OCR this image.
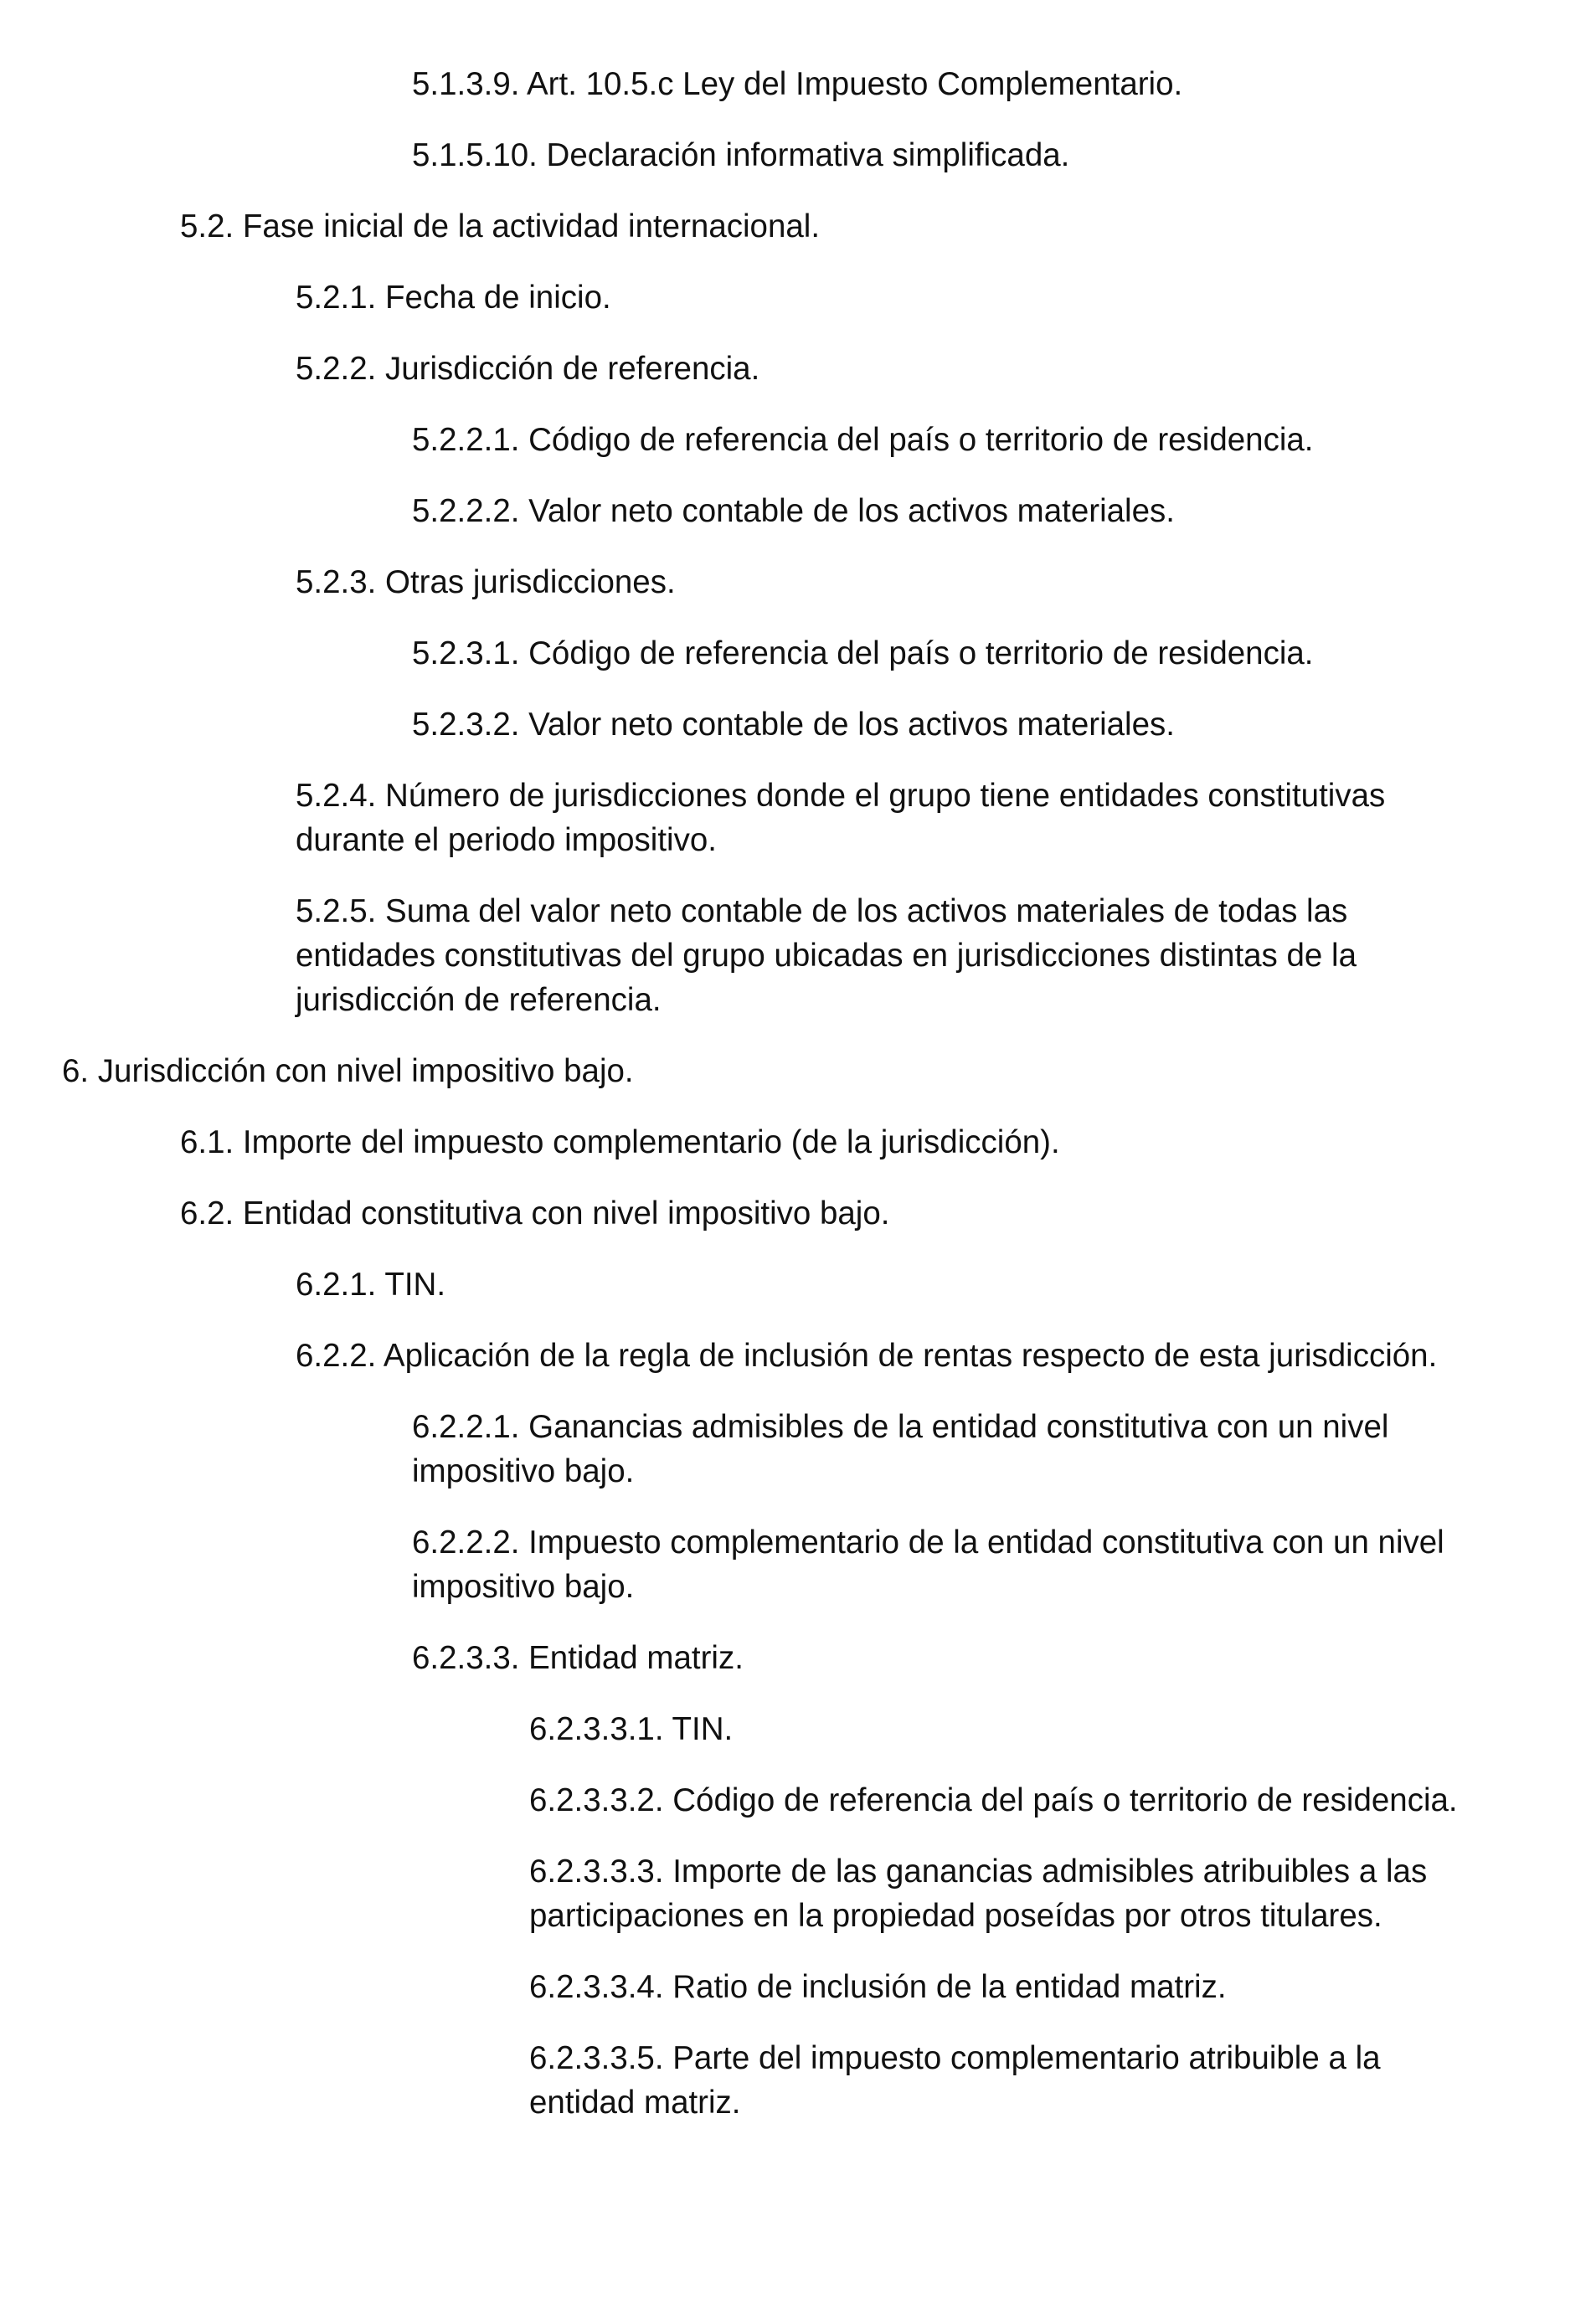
5.1.3.9. Art. 10.5.c Ley del Impuesto Complementario.

5.1.5.10. Declaración informativa simplificada.

5.2. Fase inicial de la actividad internacional.

5.2.1. Fecha de inicio.

5.2.2. Jurisdicción de referencia.

5.2.2.1. Código de referencia del país o territorio de residencia.

5.2.2.2. Valor neto contable de los activos materiales.

5.2.3. Otras jurisdicciones.

5.2.3.1. Código de referencia del país o territorio de residencia.

5.2.3.2. Valor neto contable de los activos materiales.

5.2.4. Número de jurisdicciones donde el grupo tiene entidades constitutivas durante el periodo impositivo.

5.2.5. Suma del valor neto contable de los activos materiales de todas las entidades constitutivas del grupo ubicadas en jurisdicciones distintas de la jurisdicción de referencia.

6. Jurisdicción con nivel impositivo bajo.

6.1. Importe del impuesto complementario (de la jurisdicción).

6.2. Entidad constitutiva con nivel impositivo bajo.

6.2.1. TIN.

6.2.2. Aplicación de la regla de inclusión de rentas respecto de esta jurisdicción.

6.2.2.1. Ganancias admisibles de la entidad constitutiva con un nivel impositivo bajo.

6.2.2.2. Impuesto complementario de la entidad constitutiva con un nivel impositivo bajo.

6.2.3.3. Entidad matriz.

6.2.3.3.1. TIN.

6.2.3.3.2. Código de referencia del país o territorio de residencia.

6.2.3.3.3. Importe de las ganancias admisibles atribuibles a las participaciones en la propiedad poseídas por otros titulares.

6.2.3.3.4. Ratio de inclusión de la entidad matriz.

6.2.3.3.5. Parte del impuesto complementario atribuible a la entidad matriz.
